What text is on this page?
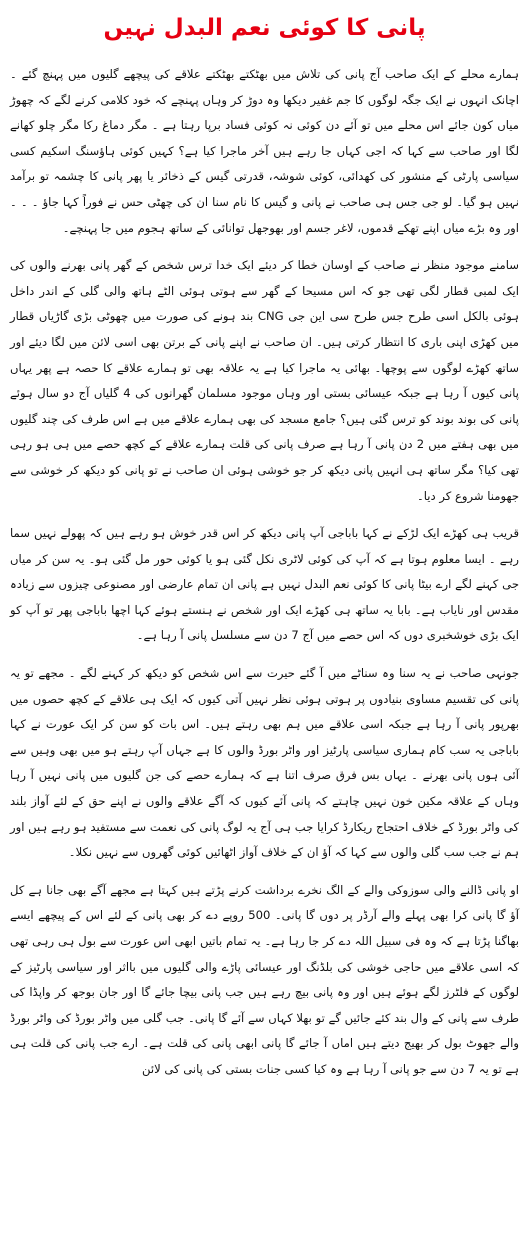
پانی کا کوئی نعم البدل نہیں

ہمارے محلے کے ایک صاحب آج پانی کی تلاش میں بھٹکتے بھٹکتے علاقے کی پیچھے گلیوں میں پہنچ گئے ۔ اچانک انہوں نے ایک جگہ لوگوں کا جم غفیر دیکھا وہ دوڑ کر وہاں پہنچے کہ خود کلامی کرنے لگے کہ چھوڑ میاں کون جائے اس محلے میں تو آئے دن کوئی نہ کوئی فساد برپا رہتا ہے ۔ مگر دماغ رکا مگر چلو کھانے لگا اور صاحب سے کہا کہ اجی کہاں جا رہے ہیں آخر ماجرا کیا ہے؟ کہیں کوئی ہاؤسنگ اسکیم کسی سیاسی پارٹی کے منشور کی کھدائی، کوئی شوشہ، قدرتی گیس کے ذخائر یا پھر پانی کا چشمہ تو برآمد نہیں ہو گیا۔ لو جی جس ہی صاحب نے پانی و گیس کا نام سنا ان کی چھٹی حس نے فوراً کہا جاؤ ۔ ۔ ۔ اور وہ بڑے میاں اپنے تھکے قدموں، لاغر جسم اور بھوجھل توانائی کے ساتھ ہجوم میں جا پہنچے۔

سامنے موجود منظر نے صاحب کے اوسان خطا کر دیئے ایک خدا ترس شخص کے گھر پانی بھرنے والوں کی ایک لمبی قطار لگی تھی جو کہ اس مسیحا کے گھر سے ہوتی ہوئی الٹے ہاتھ والی گلی کے اندر داخل ہوئی بالکل اسی طرح جس طرح سی این جی CNG بند ہونے کی صورت میں چھوٹی بڑی گاڑیاں قطار میں کھڑی اپنی باری کا انتظار کرتی ہیں۔ ان صاحب نے اپنے پانی کے برتن بھی اسی لائن میں لگا دیئے اور ساتھ کھڑے لوگوں سے پوچھا۔ بھائی یہ ماجرا کیا ہے یہ علاقہ بھی تو ہمارے علاقے کا حصہ ہے پھر یہاں پانی کیوں آ رہا ہے جبکہ عیسائی بستی اور وہاں موجود مسلمان گھرانوں کی 4 گلیاں آج دو سال ہوئے پانی کی بوند بوند کو ترس گئی ہیں؟ جامع مسجد کی بھی ہمارے علاقے میں ہے اس طرف کی چند گلیوں میں بھی ہفتے میں 2 دن پانی آ رہا ہے صرف پانی کی قلت ہمارے علاقے کے کچھ حصے میں ہی ہو رہی تھی کیا؟ مگر ساتھ ہی انہیں پانی دیکھ کر جو خوشی ہوئی ان صاحب نے تو پانی کو دیکھ کر خوشی سے جھومنا شروع کر دیا۔

قریب ہی کھڑے ایک لڑکے نے کہا باباجی آپ پانی دیکھ کر اس قدر خوش ہو رہے ہیں کہ پھولے نہیں سما رہے ۔ ایسا معلوم ہوتا ہے کہ آپ کی کوئی لاٹری نکل گئی ہو یا کوئی حور مل گئی ہو۔ یہ سن کر میاں جی کہنے لگے ارے بیٹا پانی کا کوئی نعم البدل نہیں ہے پانی ان تمام عارضی اور مصنوعی چیزوں سے زیادہ مقدس اور نایاب ہے۔ بابا یہ ساتھ ہی کھڑے ایک اور شخص نے ہنستے ہوئے کہا اچھا باباجی پھر تو آپ کو ایک بڑی خوشخبری دوں کہ اس حصے میں آج 7 دن سے مسلسل پانی آ رہا ہے۔

جونہی صاحب نے یہ سنا وہ سناٹے میں آ گئے حیرت سے اس شخص کو دیکھ کر کہنے لگے ۔ مجھے تو یہ پانی کی تقسیم مساوی بنیادوں پر ہوتی ہوئی نظر نہیں آتی کیوں کہ ایک ہی علاقے کے کچھ حصوں میں بھرپور پانی آ رہا ہے جبکہ اسی علاقے میں ہم بھی رہتے ہیں۔ اس بات کو سن کر ایک عورت نے کہا باباجی یہ سب کام ہماری سیاسی پارٹیز اور واٹر بورڈ والوں کا ہے جہاں آپ رہتے ہو میں بھی وہیں سے آئی ہوں پانی بھرنے ۔ یہاں بس فرق صرف اتنا ہے کہ ہمارے حصے کی جن گلیوں میں پانی نہیں آ رہا وہاں کے علاقہ مکین خون نہیں چاہتے کہ پانی آئے کیوں کہ آگے علاقے والوں نے اپنے حق کے لئے آواز بلند کی واٹر بورڈ کے خلاف احتجاج ریکارڈ کرایا جب ہی آج یہ لوگ پانی کی نعمت سے مستفید ہو رہے ہیں اور ہم نے جب سب گلی والوں سے کہا کہ آؤ ان کے خلاف آواز اٹھائیں کوئی گھروں سے نہیں نکلا۔

او پانی ڈالنے والی سوزوکی والے کے الگ نخرے برداشت کرنے پڑتے ہیں کہتا ہے مجھے آگے بھی جانا ہے کل آؤ گا پانی کرا بھی پہلے والے آرڈر پر دوں گا پانی۔ 500 روپے دے کر بھی پانی کے لئے اس کے پیچھے ایسے بھاگنا پڑتا ہے کہ وہ فی سبیل اللہ دے کر جا رہا ہے۔ یہ تمام باتیں ابھی اس عورت سے بول ہی رہی تھی کہ اسی علاقے میں حاجی خوشی کی بلڈنگ اور عیسائی پاڑے والی گلیوں میں بااثر اور سیاسی پارٹیز کے لوگوں کے فلٹرز لگے ہوئے ہیں اور وہ پانی بیچ رہے ہیں جب پانی بیچا جائے گا اور جان بوجھ کر واپڈا کی طرف سے پانی کے وال بند کئے جائیں گے تو بھلا کہاں سے آئے گا پانی۔ جب گلی میں واٹر بورڈ کی واٹر بورڈ والے جھوٹ بول کر بھیج دیتے ہیں اماں آ جائے گا پانی ابھی پانی کی قلت ہے۔ ارے جب پانی کی قلت ہی ہے تو یہ 7 دن سے جو پانی آ رہا ہے وہ کیا کسی جنات بستی کی پانی کی لائن
